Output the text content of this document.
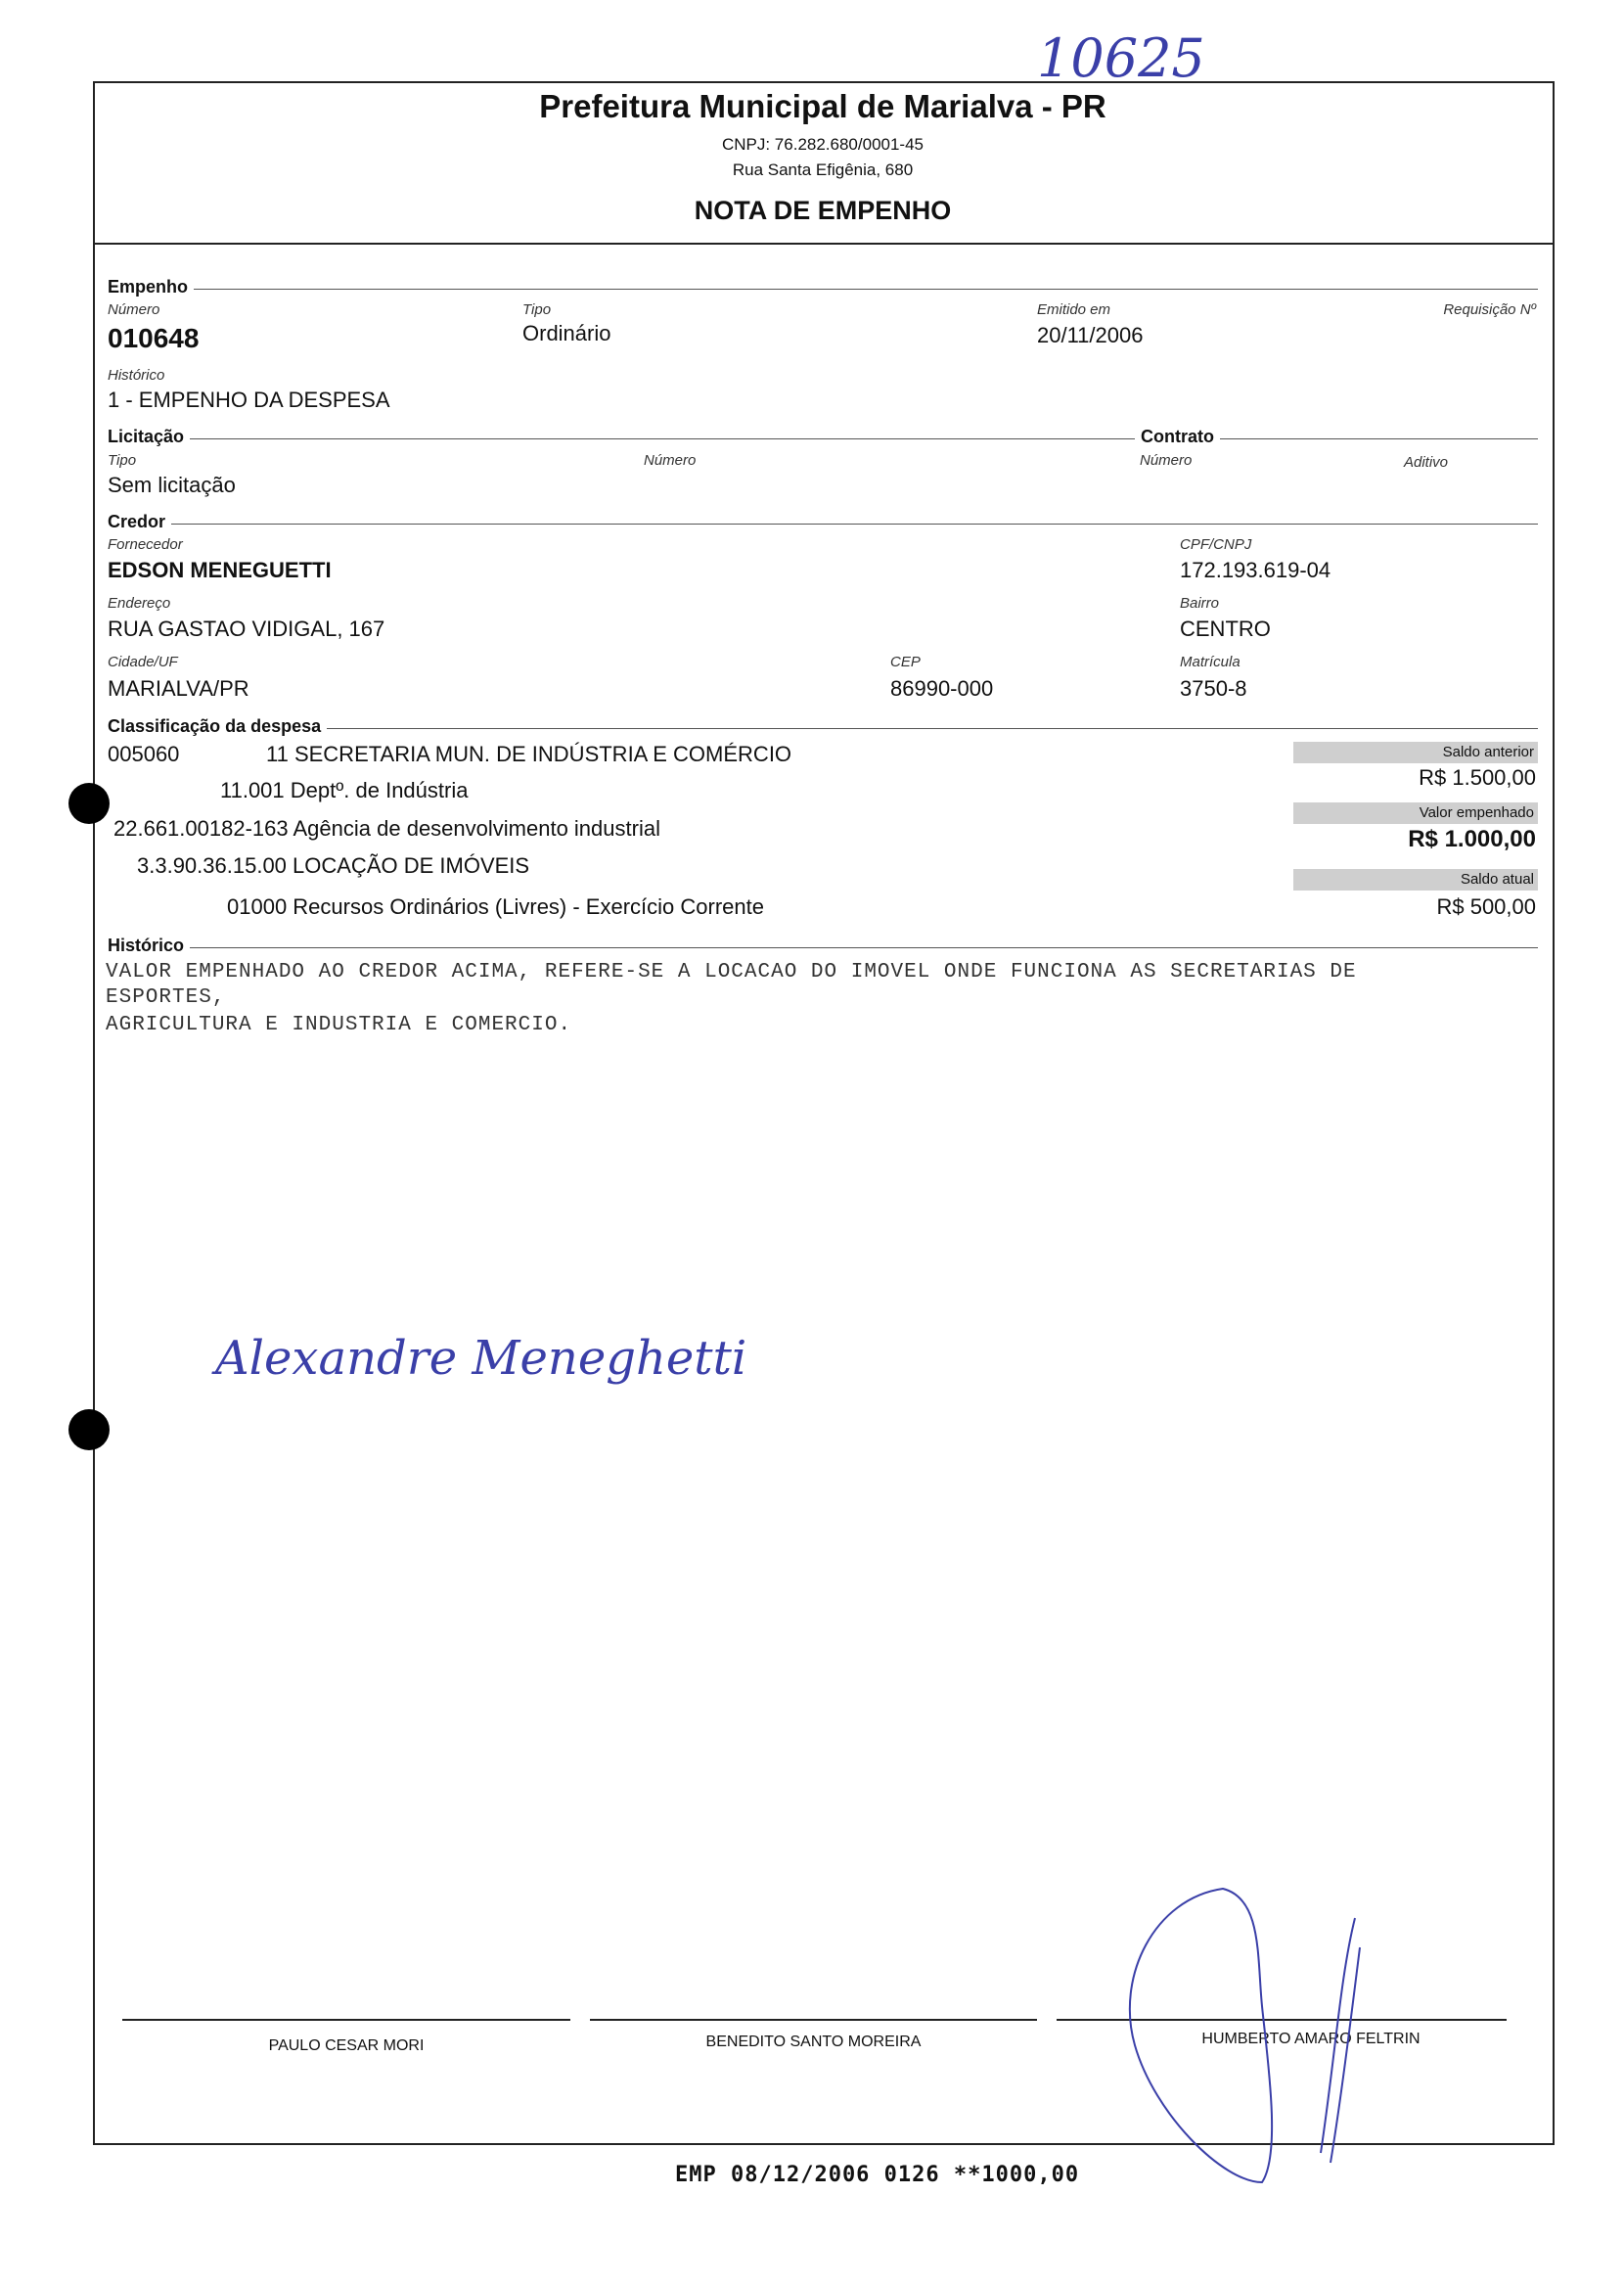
10625
Prefeitura Municipal de Marialva - PR
CNPJ: 76.282.680/0001-45
Rua Santa Efigênia, 680
NOTA DE EMPENHO
Empenho
Número
010648
Tipo
Ordinário
Emitido em
20/11/2006
Requisição Nº
Histórico
1 - EMPENHO DA DESPESA
Licitação	Contrato
Tipo
Sem licitação
Número	Número	Aditivo
Credor
Fornecedor
EDSON MENEGUETTI
CPF/CNPJ
172.193.619-04
Endereço
RUA GASTAO VIDIGAL, 167
Bairro
CENTRO
Cidade/UF
MARIALVA/PR
CEP
86990-000
Matrícula
3750-8
Classificação da despesa
005060	11 SECRETARIA MUN. DE INDÚSTRIA E COMÉRCIO
11.001 Deptº. de Indústria
22.661.00182-163 Agência de desenvolvimento industrial
3.3.90.36.15.00 LOCAÇÃO DE IMÓVEIS
01000 Recursos Ordinários (Livres) - Exercício Corrente
Saldo anterior
R$ 1.500,00
Valor empenhado
R$ 1.000,00
Saldo atual
R$ 500,00
Histórico
VALOR EMPENHADO AO CREDOR ACIMA, REFERE-SE A LOCACAO DO IMOVEL ONDE FUNCIONA AS SECRETARIAS DE
ESPORTES,
AGRICULTURA E INDUSTRIA E COMERCIO.
Alexandre Meneghetti
PAULO CESAR MORI	BENEDITO SANTO MOREIRA	HUMBERTO AMARO FELTRIN
EMP 08/12/2006 0126 **1000,00
